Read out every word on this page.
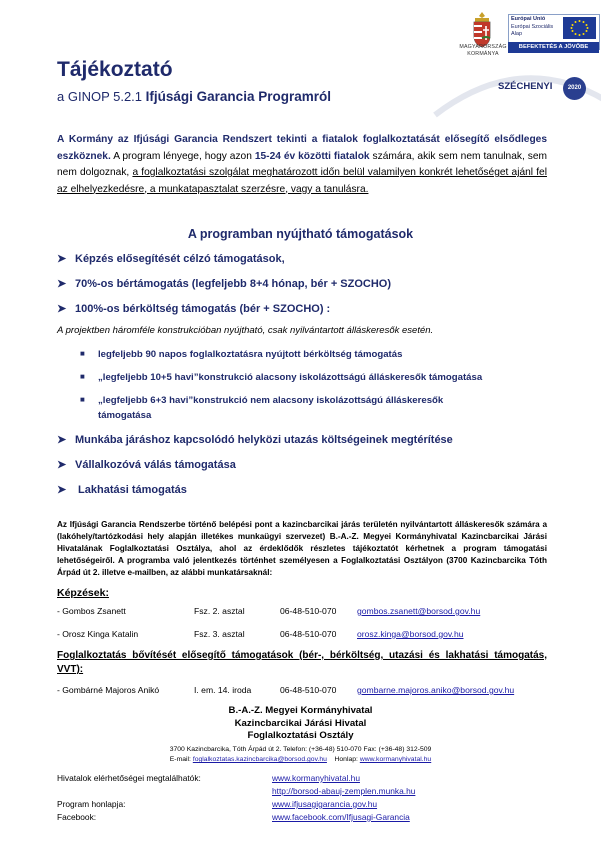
MAGYARORSZÁG
KORMÁNYA
Európai Unió
Európai Szociális
Alap
BEFEKTETÉS A JÖVŐBE
SZÉCHENYI	2020
Tájékoztató
a GINOP 5.2.1 Ifjúsági Garancia Programról
A Kormány az Ifjúsági Garancia Rendszert tekinti a fiatalok foglalkoztatását elősegítő elsődleges eszköznek. A program lényege, hogy azon 15-24 év közötti fiatalok számára, akik sem nem tanulnak, sem nem dolgoznak, a foglalkoztatási szolgálat meghatározott időn belül valamilyen konkrét lehetőséget ajánl fel az elhelyezkedésre, a munkatapasztalat szerzésre, vagy a tanulásra.
A programban nyújtható támogatások
➤ Képzés elősegítését célzó támogatások,
➤ 70%-os bértámogatás (legfeljebb 8+4 hónap, bér + SZOCHO)
➤ 100%-os bérköltség támogatás (bér + SZOCHO) :
A projektben háromféle konstrukcióban nyújtható, csak nyilvántartott álláskeresők esetén.
■ legfeljebb 90 napos foglalkoztatásra nyújtott bérköltség támogatás
■ „legfeljebb 10+5 havi”konstrukció alacsony iskolázottságú álláskeresők támogatása
■ „legfeljebb 6+3 havi”konstrukció nem alacsony iskolázottságú álláskeresők
támogatása
➤ Munkába járáshoz kapcsolódó helyközi utazás költségeinek megtérítése
➤ Vállalkozóvá válás támogatása
➤ Lakhatási támogatás
Az Ifjúsági Garancia Rendszerbe történő belépési pont a kazincbarcikai járás területén nyilvántartott álláskeresők számára a (lakóhely/tartózkodási hely alapján illetékes munkaügyi szervezet) B.-A.-Z. Megyei Kormányhivatal Kazincbarcikai Járási Hivatalának Foglalkoztatási Osztálya, ahol az érdeklődők részletes tájékoztatót kérhetnek a program támogatási lehetőségeiről. A programba való jelentkezés történhet személyesen a Foglalkoztatási Osztályon (3700 Kazincbarcika Tóth Árpád út 2. illetve e-mailben, az alábbi munkatársaknál:
Képzések:
- Gombos Zsanett	Fsz. 2. asztal	06-48-510-070 gombos.zsanett@borsod.gov.hu
- Orosz Kinga Katalin	Fsz. 3. asztal	06-48-510-070 orosz.kinga@borsod.gov.hu
Foglalkoztatás bővítését elősegítő támogatások (bér-, bérköltség, utazási és lakhatási támogatás, VVT):
- Gombárné Majoros Anikó	I. em. 14. iroda	06-48-510-070 gombarne.majoros.aniko@borsod.gov.hu
B.-A.-Z. Megyei Kormányhivatal
Kazincbarcikai Járási Hivatal
Foglalkoztatási Osztály
3700 Kazincbarcika, Tóth Árpád út 2. Telefon: (+36-48) 510-070 Fax: (+36-48) 312-509
E-mail: foglalkoztatas.kazincbarcika@borsod.gov.hu Honlap: www.kormanyhivatal.hu
Hivatalok elérhetőségei megtalálhatók:	www.kormanyhivatal.hu
http://borsod-abauj-zemplen.munka.hu
Program honlapja:	www.ifjusagigarancia.gov.hu
Facebook:	www.facebook.com/Ifjusagi-Garancia
